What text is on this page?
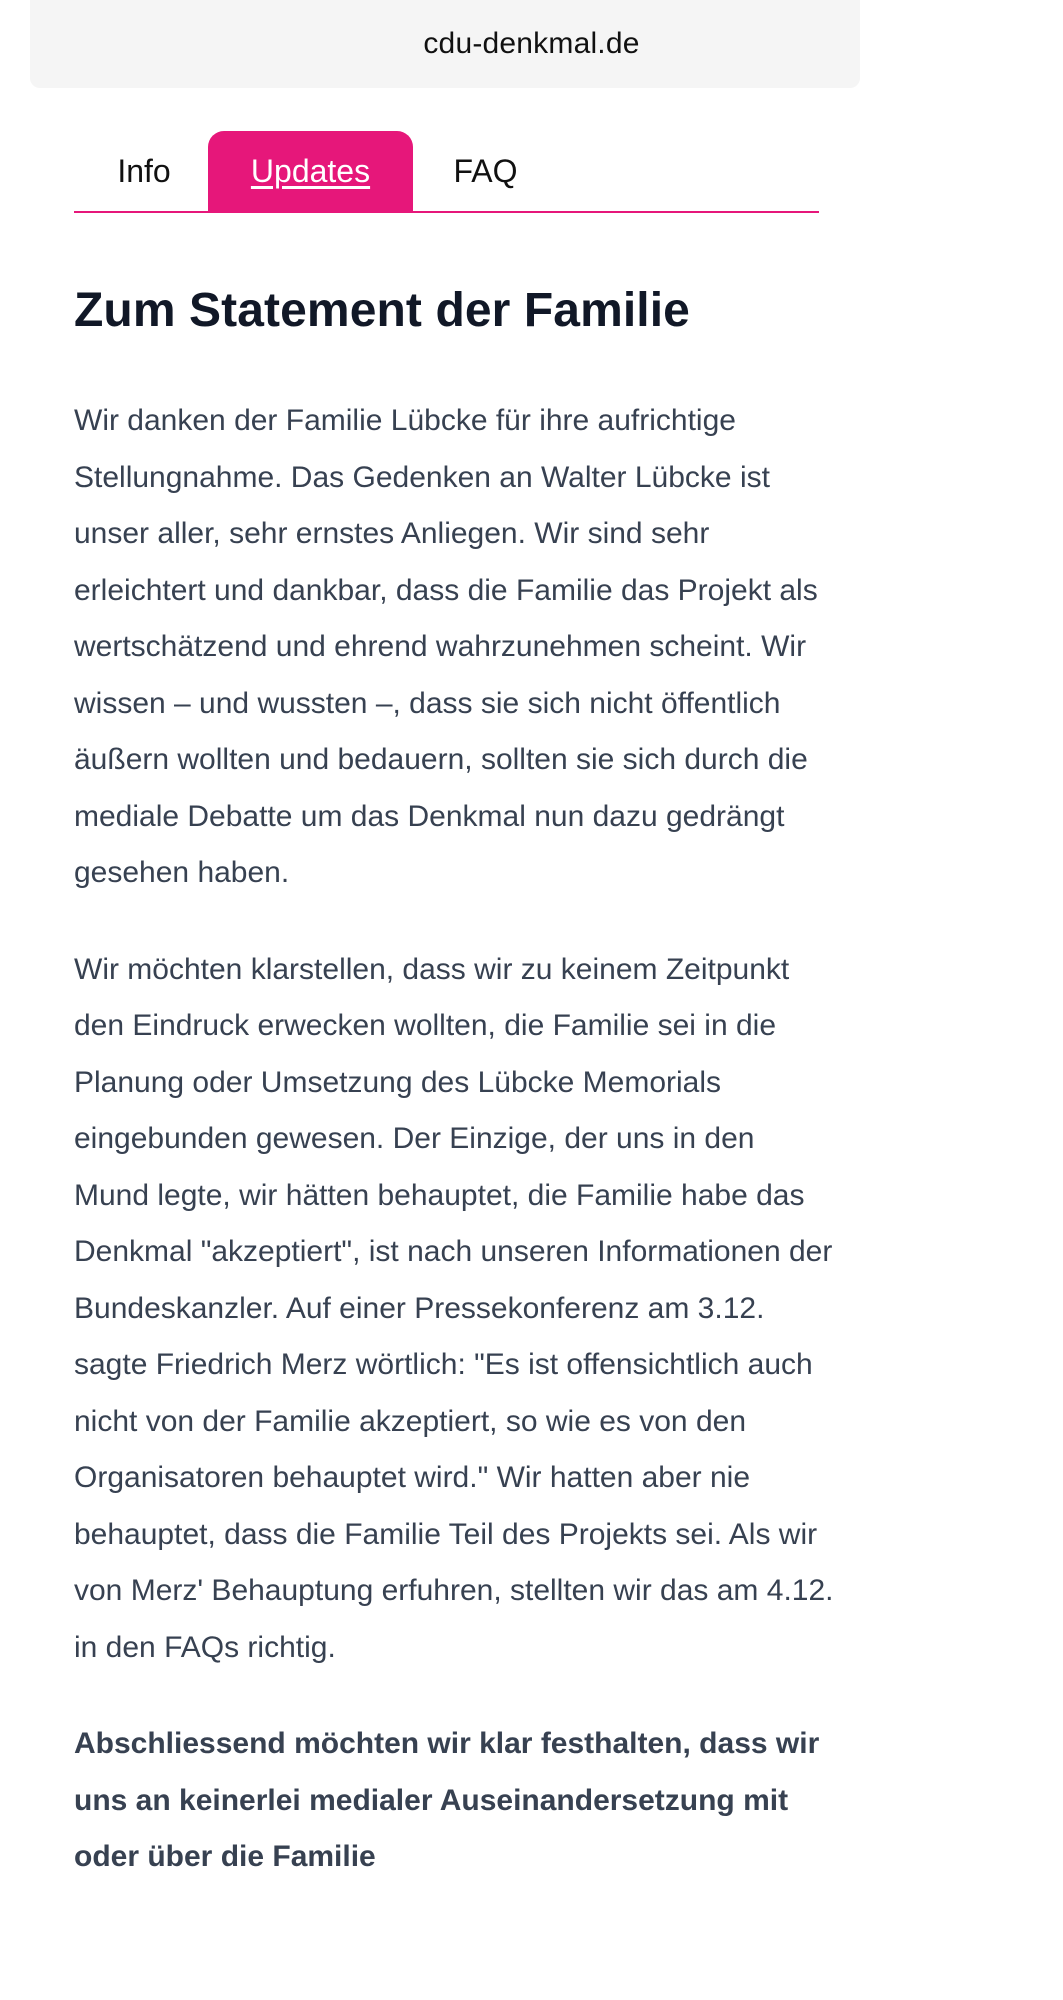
cdu-denkmal.de
Info	Updates	FAQ
Zum Statement der Familie

Wir danken der Familie Lübcke für ihre aufrichtige Stellungnahme. Das Gedenken an Walter Lübcke ist unser aller, sehr ernstes Anliegen. Wir sind sehr erleichtert und dankbar, dass die Familie das Projekt als wertschätzend und ehrend wahrzunehmen scheint. Wir wissen – und wussten –, dass sie sich nicht öffentlich äußern wollten und bedauern, sollten sie sich durch die mediale Debatte um das Denkmal nun dazu gedrängt gesehen haben.

Wir möchten klarstellen, dass wir zu keinem Zeitpunkt den Eindruck erwecken wollten, die Familie sei in die Planung oder Umsetzung des Lübcke Memorials eingebunden gewesen. Der Einzige, der uns in den Mund legte, wir hätten behauptet, die Familie habe das Denkmal "akzeptiert", ist nach unseren Informationen der Bundeskanzler. Auf einer Pressekonferenz am 3.12. sagte Friedrich Merz wörtlich: "Es ist offensichtlich auch nicht von der Familie akzeptiert, so wie es von den Organisatoren behauptet wird." Wir hatten aber nie behauptet, dass die Familie Teil des Projekts sei. Als wir von Merz' Behauptung erfuhren, stellten wir das am 4.12. in den FAQs richtig.

Abschliessend möchten wir klar festhalten, dass wir uns an keinerlei medialer Auseinandersetzung mit oder über die Familie
